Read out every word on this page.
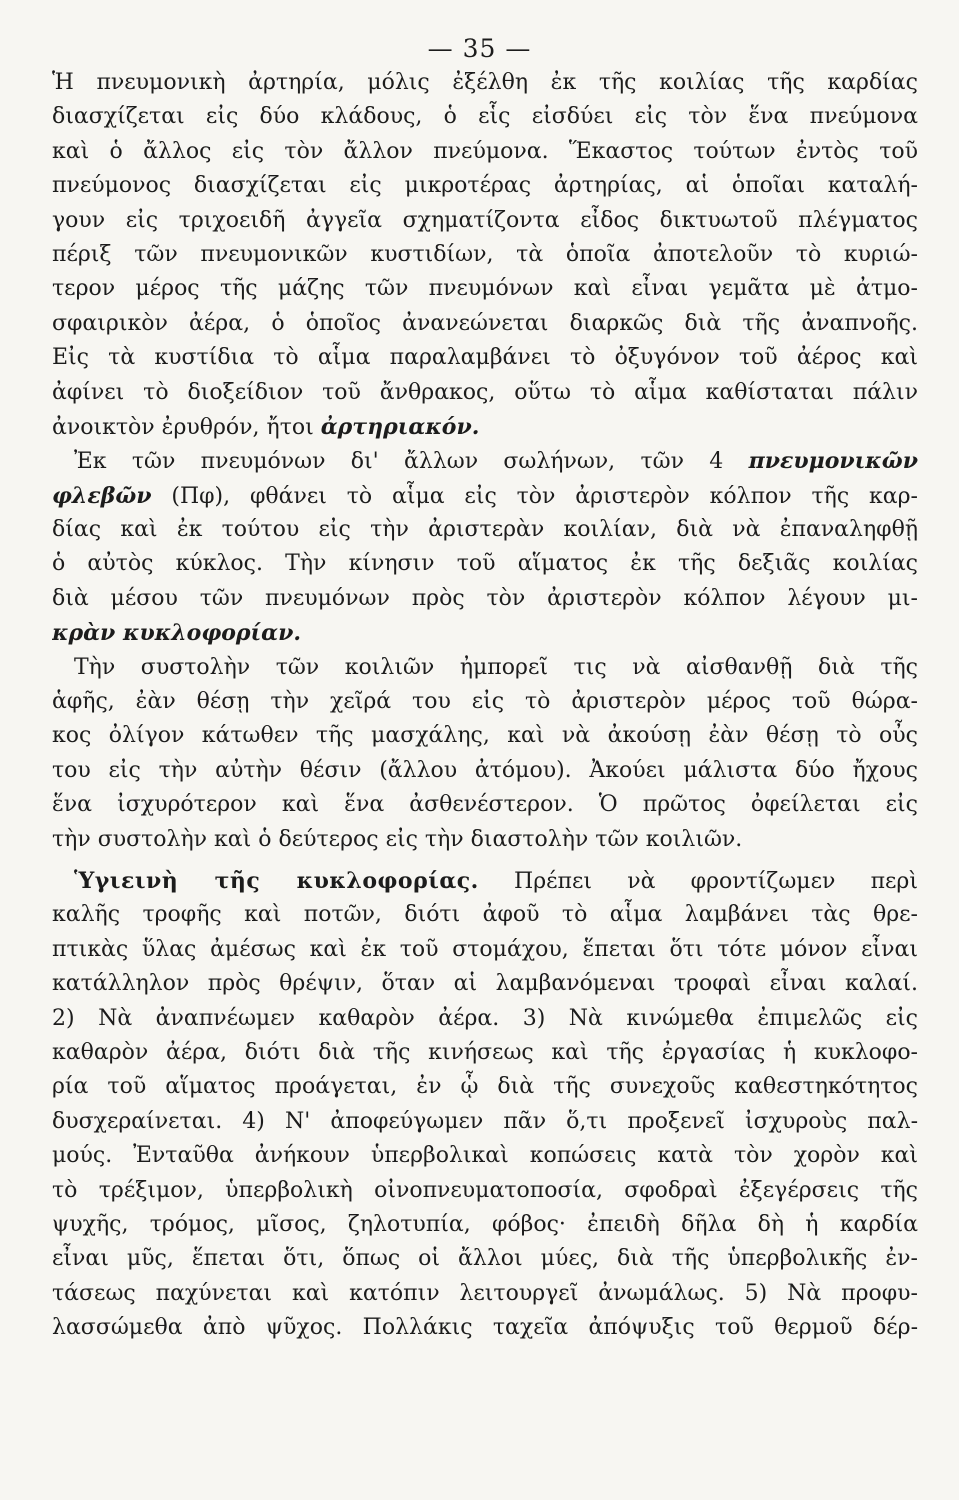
— 35 —
Ἡ πνευμονικὴ ἀρτηρία, μόλις ἐξέλθη ἐκ τῆς κοιλίας τῆς καρδίας
διασχίζεται εἰς δύο κλάδους, ὁ εἷς εἰσδύει εἰς τὸν ἕνα πνεύμονα
καὶ ὁ ἄλλος εἰς τὸν ἄλλον πνεύμονα. Ἕκαστος τούτων ἐντὸς τοῦ
πνεύμονος διασχίζεται εἰς μικροτέρας ἀρτηρίας, αἱ ὁποῖαι καταλή-
γουν εἰς τριχοειδῆ ἀγγεῖα σχηματίζοντα εἶδος δικτυωτοῦ πλέγματος
πέριξ τῶν πνευμονικῶν κυστιδίων, τὰ ὁποῖα ἀποτελοῦν τὸ κυριώ-
τερον μέρος τῆς μάζης τῶν πνευμόνων καὶ εἶναι γεμᾶτα μὲ ἀτμο-
σφαιρικὸν ἀέρα, ὁ ὁποῖος ἀνανεώνεται διαρκῶς διὰ τῆς ἀναπνοῆς.
Εἰς τὰ κυστίδια τὸ αἷμα παραλαμβάνει τὸ ὀξυγόνον τοῦ ἀέρος καὶ
ἀφίνει τὸ διοξείδιον τοῦ ἄνθρακος, οὕτω τὸ αἷμα καθίσταται πάλιν
ἀνοικτὸν ἐρυθρόν, ἤτοι ἀρτηριακόν.
Ἐκ τῶν πνευμόνων δι' ἄλλων σωλήνων, τῶν 4 πνευμονικῶν
φλεβῶν (Πφ), φθάνει τὸ αἷμα εἰς τὸν ἀριστερὸν κόλπον τῆς καρ-
δίας καὶ ἐκ τούτου εἰς τὴν ἀριστερὰν κοιλίαν, διὰ νὰ ἐπαναληφθῇ
ὁ αὐτὸς κύκλος. Τὴν κίνησιν τοῦ αἵματος ἐκ τῆς δεξιᾶς κοιλίας
διὰ μέσου τῶν πνευμόνων πρὸς τὸν ἀριστερὸν κόλπον λέγουν μι-
κρὰν κυκλοφορίαν.
Τὴν συστολὴν τῶν κοιλιῶν ἠμπορεῖ τις νὰ αἰσθανθῇ διὰ τῆς
ἁφῆς, ἐὰν θέσῃ τὴν χεῖρά του εἰς τὸ ἀριστερὸν μέρος τοῦ θώρα-
κος ὀλίγον κάτωθεν τῆς μασχάλης, καὶ νὰ ἀκούσῃ ἐὰν θέσῃ τὸ οὖς
του εἰς τὴν αὐτὴν θέσιν (ἄλλου ἀτόμου). Ἀκούει μάλιστα δύο ἤχους
ἕνα ἰσχυρότερον καὶ ἕνα ἀσθενέστερον. Ὁ πρῶτος ὀφείλεται εἰς
τὴν συστολὴν καὶ ὁ δεύτερος εἰς τὴν διαστολὴν τῶν κοιλιῶν.
Ὑγιεινὴ τῆς κυκλοφορίας. Πρέπει νὰ φροντίζωμεν περὶ
καλῆς τροφῆς καὶ ποτῶν, διότι ἀφοῦ τὸ αἷμα λαμβάνει τὰς θρε-
πτικὰς ὕλας ἀμέσως καὶ ἐκ τοῦ στομάχου, ἕπεται ὅτι τότε μόνον εἶναι
κατάλληλον πρὸς θρέψιν, ὅταν αἱ λαμβανόμεναι τροφαὶ εἶναι καλαί.
2) Νὰ ἀναπνέωμεν καθαρὸν ἀέρα. 3) Νὰ κινώμεθα ἐπιμελῶς εἰς
καθαρὸν ἀέρα, διότι διὰ τῆς κινήσεως καὶ τῆς ἐργασίας ἡ κυκλοφο-
ρία τοῦ αἵματος προάγεται, ἐν ᾧ διὰ τῆς συνεχοῦς καθεστηκότητος
δυσχεραίνεται. 4) Ν' ἀποφεύγωμεν πᾶν ὅ,τι προξενεῖ ἰσχυροὺς παλ-
μούς. Ἐνταῦθα ἀνήκουν ὑπερβολικαὶ κοπώσεις κατὰ τὸν χορὸν καὶ
τὸ τρέξιμον, ὑπερβολικὴ οἰνοπνευματοποσία, σφοδραὶ ἐξεγέρσεις τῆς
ψυχῆς, τρόμος, μῖσος, ζηλοτυπία, φόβος· ἐπειδὴ δῆλα δὴ ἡ καρδία
εἶναι μῦς, ἕπεται ὅτι, ὅπως οἱ ἄλλοι μύες, διὰ τῆς ὑπερβολικῆς ἐν-
τάσεως παχύνεται καὶ κατόπιν λειτουργεῖ ἀνωμάλως. 5) Νὰ προφυ-
λασσώμεθα ἀπὸ ψῦχος. Πολλάκις ταχεῖα ἀπόψυξις τοῦ θερμοῦ δέρ-
